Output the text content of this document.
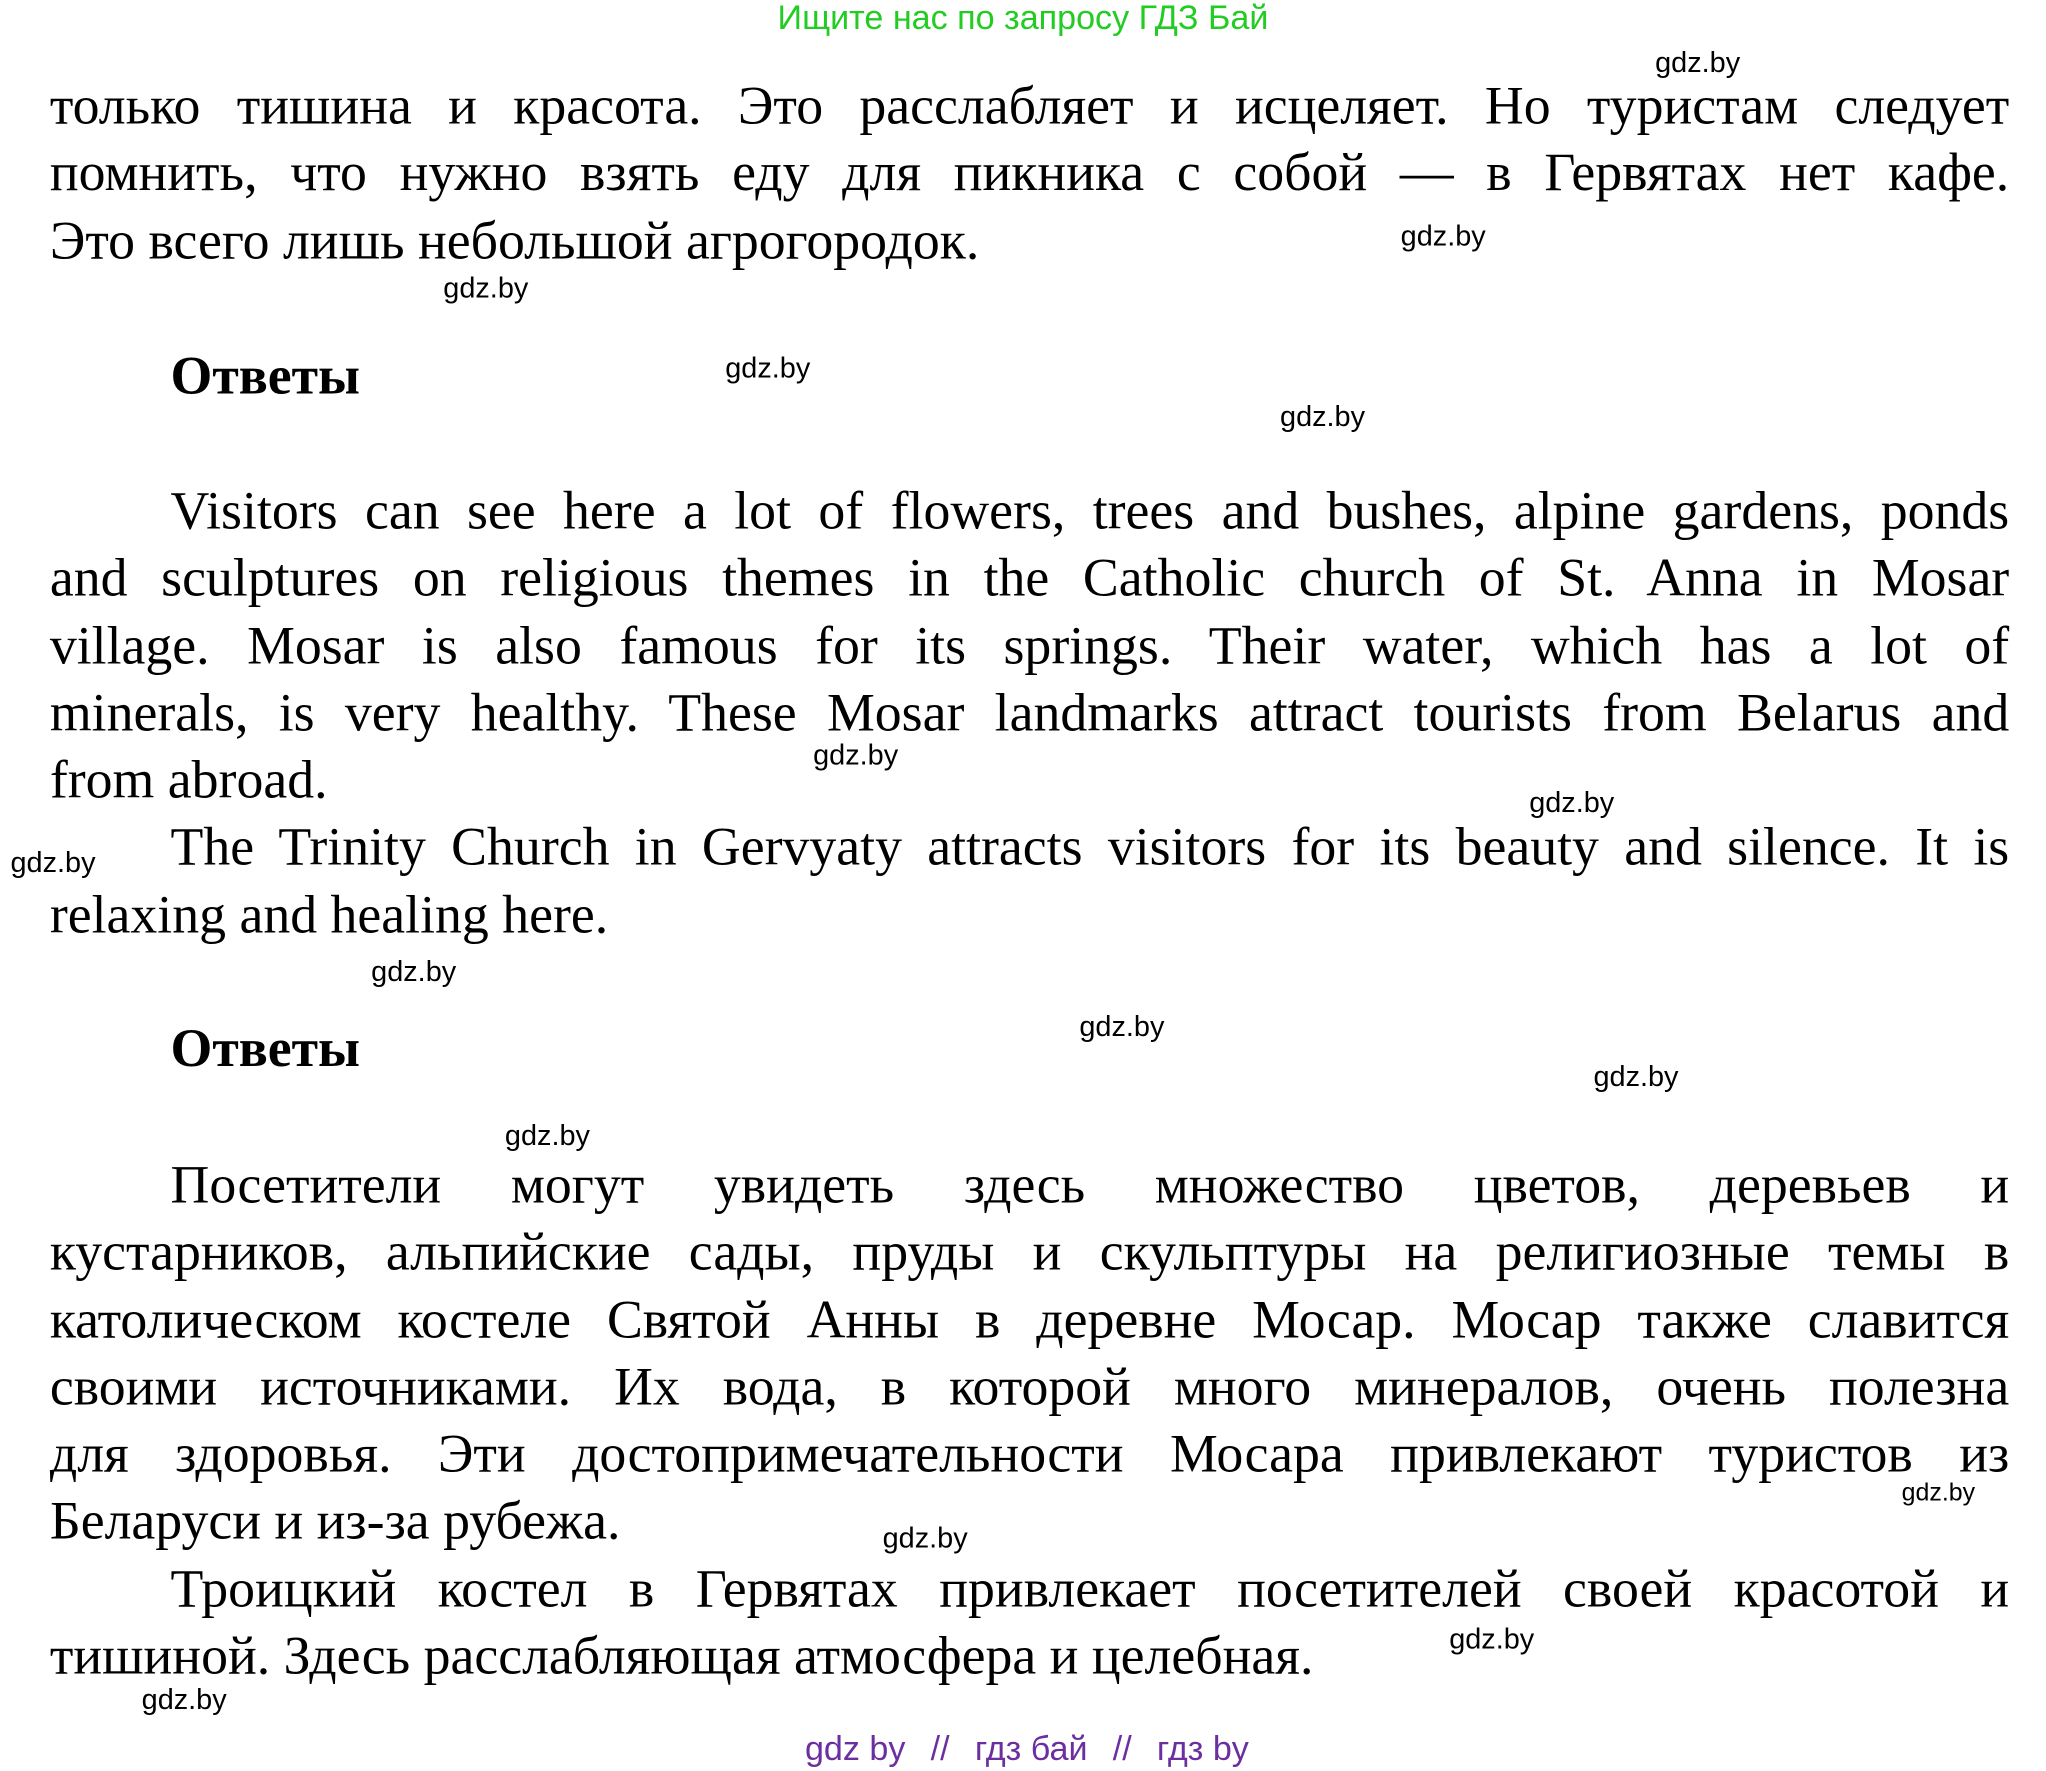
Ищите нас по запросу ГДЗ Бай
только тишина и красота. Это расслабляет и исцеляет. Но туристам следует
помнить, что нужно взять еду для пикника с собой — в Гервятах нет кафе.
Это всего лишь небольшой агрогородок.
Ответы
Visitors can see here a lot of flowers, trees and bushes, alpine gardens, ponds
and sculptures on religious themes in the Catholic church of St. Anna in Mosar
village. Mosar is also famous for its springs. Their water, which has a lot of
minerals, is very healthy. These Mosar landmarks attract tourists from Belarus and
from abroad.
The Trinity Church in Gervyaty attracts visitors for its beauty and silence. It is
relaxing and healing here.
Ответы
Посетители могут увидеть здесь множество цветов, деревьев и
кустарников, альпийские сады, пруды и скульптуры на религиозные темы в
католическом костеле Святой Анны в деревне Мосар. Мосар также славится
своими источниками. Их вода, в которой много минералов, очень полезна
для здоровья. Эти достопримечательности Мосара привлекают туристов из
Беларуси и из-за рубежа.
Троицкий костел в Гервятах привлекает посетителей своей красотой и
тишиной. Здесь расслабляющая атмосфера и целебная.
gdz.by
gdz.by
gdz.by
gdz.by
gdz.by
gdz.by
gdz.by
gdz.by
gdz.by
gdz.by
gdz.by
gdz.by
gdz.by
gdz.by
gdz.by
gdz.by
gdz by // гдз бай // гдз by
